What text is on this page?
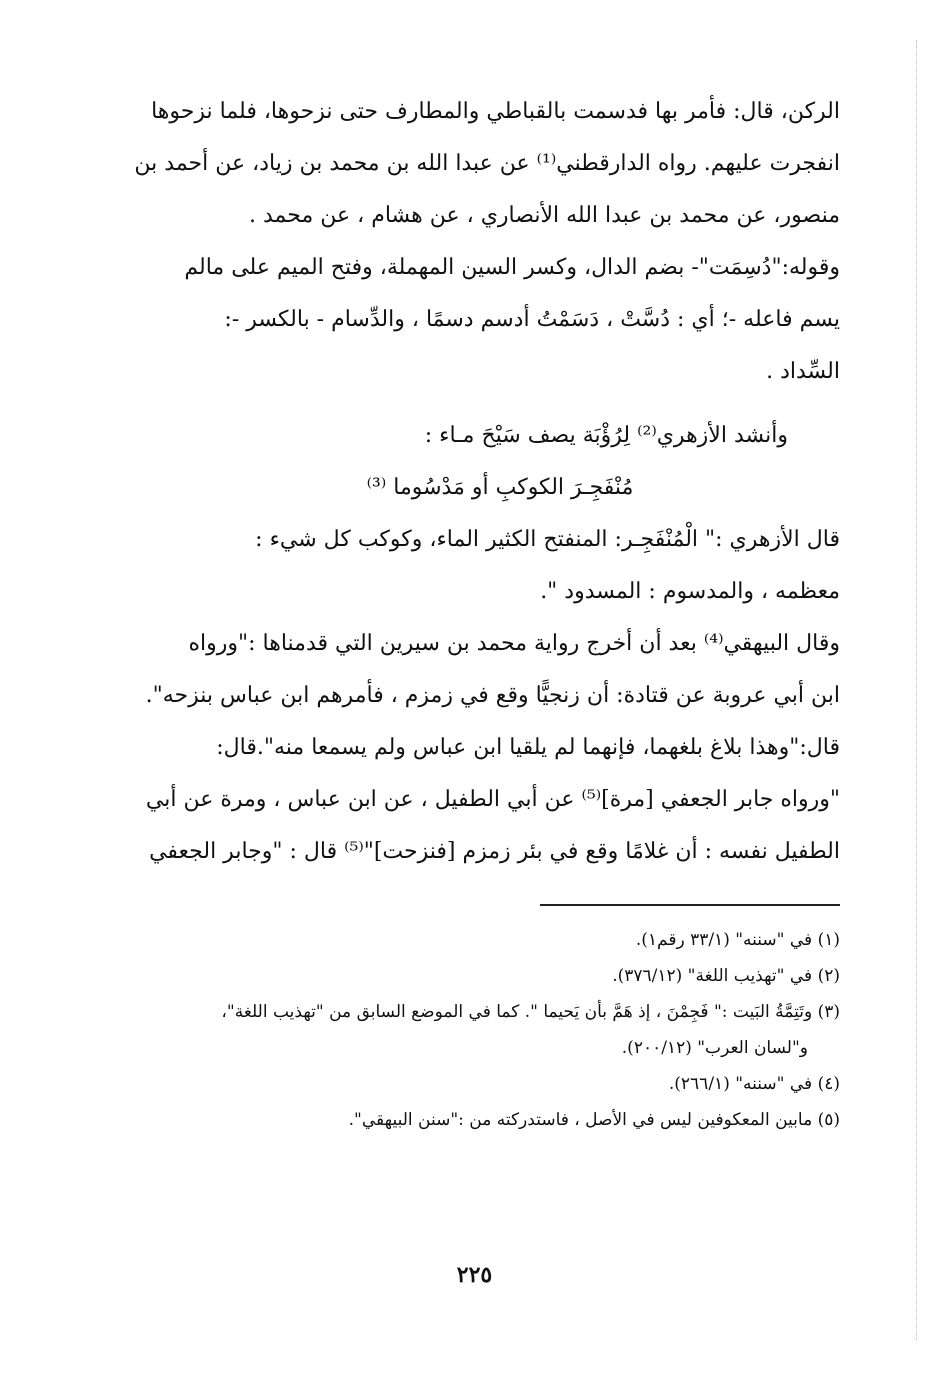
الركن، قال: فأمر بها فدسمت بالقباطي والمطارف حتى نزحوها، فلما نزحوها

انفجرت عليهم. رواه الدارقطني⁽¹⁾ عن عبدا الله بن محمد بن زياد، عن أحمد بن

منصور، عن محمد بن عبدا الله الأنصاري ، عن هشام ، عن محمد .

وقوله:"دُسِمَت"- بضم الدال، وكسر السين المهملة، وفتح الميم على مالم

يسم فاعله -؛ أي : دُسَّتْ ، دَسَمْتُ أدسم دسمًا ، والدِّسام - بالكسر -:

السِّداد .

وأنشد الأزهري⁽²⁾ لِرُؤْبَة يصف سَيْحَ مـاء :

مُنْفَجِـرَ الكوكبِ أو مَدْسُوما ⁽³⁾

قال الأزهري :" الْمُنْفَجِـر: المنفتح الكثير الماء، وكوكب كل شيء :

معظمه ، والمدسوم : المسدود ".

وقال البيهقي⁽⁴⁾ بعد أن أخرج رواية محمد بن سيرين التي قدمناها :"ورواه

ابن أبي عروبة عن قتادة: أن زنجيًّا وقع في زمزم ، فأمرهم ابن عباس بنزحه".

قال:"وهذا بلاغ بلغهما، فإنهما لم يلقيا ابن عباس ولم يسمعا منه".قال:

"ورواه جابر الجعفي [مرة]⁽⁵⁾ عن أبي الطفيل ، عن ابن عباس ، ومرة عن أبي

الطفيل نفسه : أن غلامًا وقع في بئر زمزم [فنزحت]"⁽⁵⁾ قال : "وجابر الجعفي

(١) في "سننه" (٣٣/١ رقم١).
(٢) في "تهذيب اللغة" (٣٧٦/١٢).
(٣) وتَتِمَّةُ البَيت :" فَجِمْنَ ، إذ هَمَّ بأن يَحيما ". كما في الموضع السابق من "تهذيب اللغة"،
و"لسان العرب" (٢٠٠/١٢).
(٤) في "سننه" (٢٦٦/١).
(٥) مابين المعكوفين ليس في الأصل ، فاستدركته من :"سنن البيهقي".
٢٢٥
